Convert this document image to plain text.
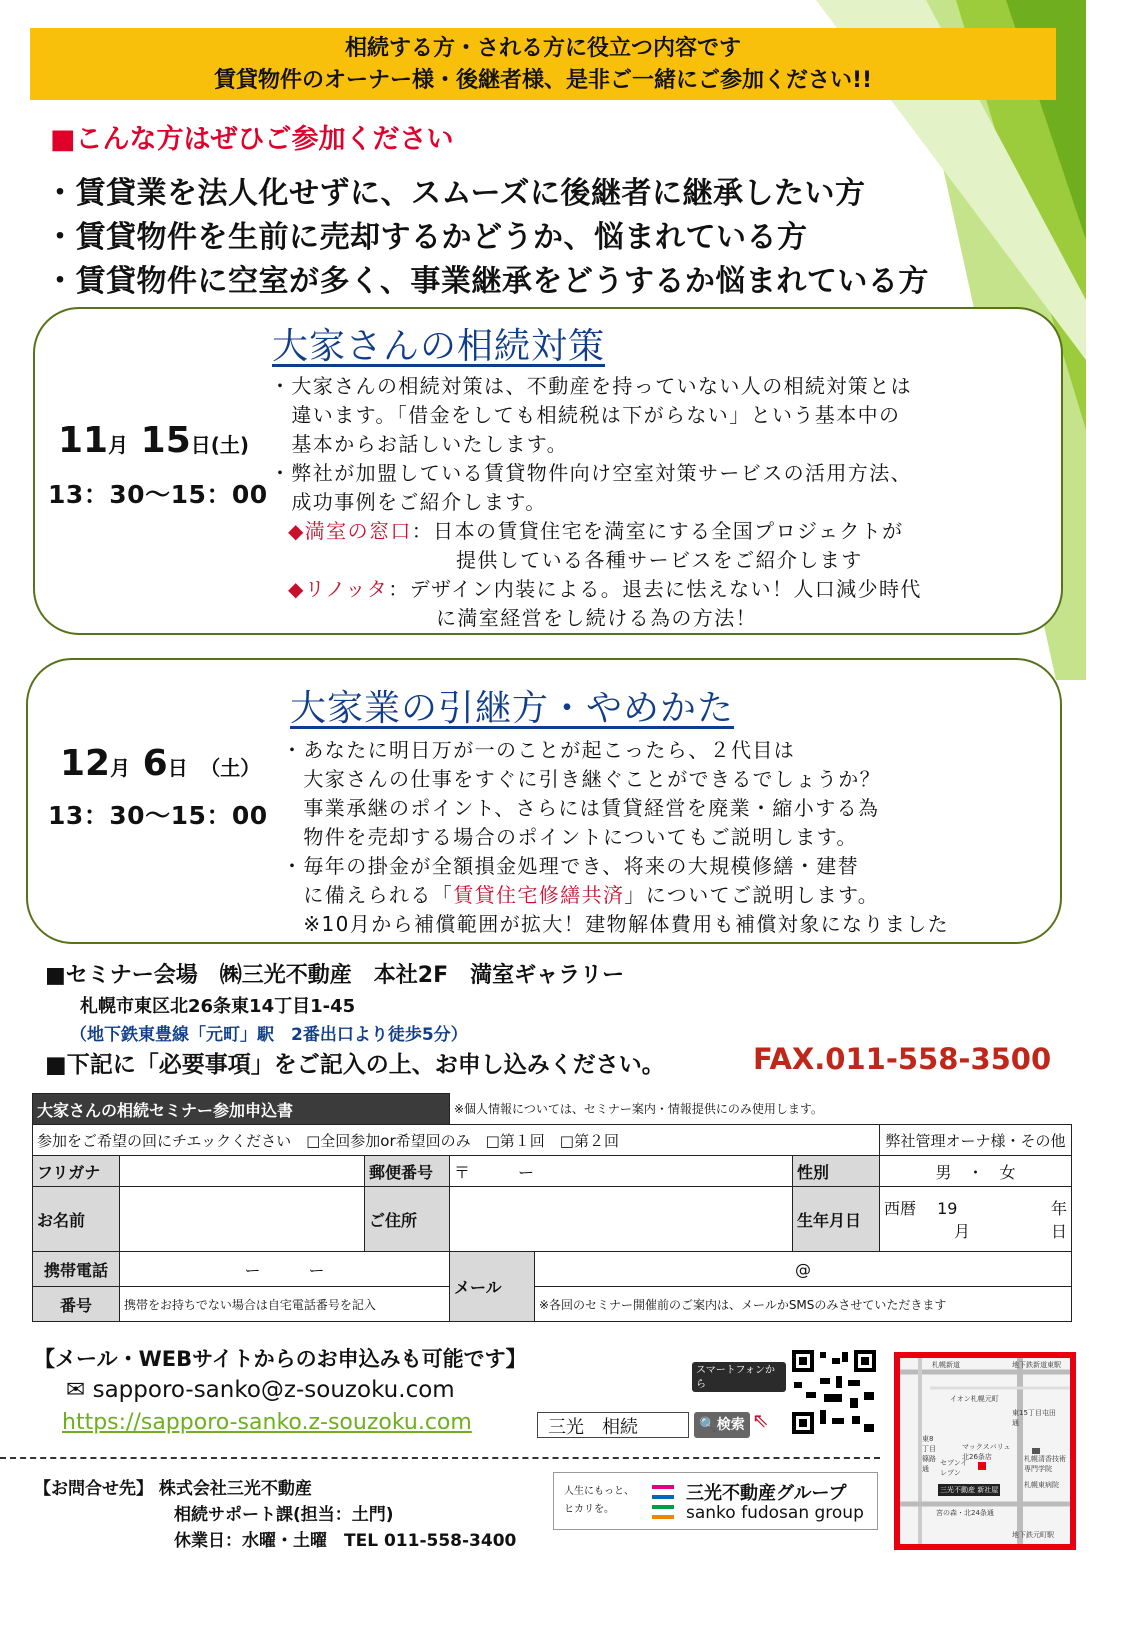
相続する方・される方に役立つ内容です
賃貸物件のオーナー様・後継者様、是非ご一緒にご参加ください!!
■こんな方はぜひご参加ください
・賃貸業を法人化せずに、スムーズに後継者に継承したい方
・賃貸物件を生前に売却するかどうか、悩まれている方
・賃貸物件に空室が多く、事業継承をどうするか悩まれている方
大家さんの相続対策
11月 15日(土)
13：30〜15：00
・大家さんの相続対策は、不動産を持っていない人の相続対策とは
　違います。「借金をしても相続税は下がらない」という基本中の
　基本からお話しいたします。
・弊社が加盟している賃貸物件向け空室対策サービスの活用方法、
　成功事例をご紹介します。
◆満室の窓口：日本の賃貸住宅を満室にする全国プロジェクトが
提供している各種サービスをご紹介します
◆リノッタ：デザイン内装による。退去に怯えない！人口減少時代
に満室経営をし続ける為の方法！
大家業の引継方・やめかた
12月 6日 （土）
13：30〜15：00
・あなたに明日万が一のことが起こったら、２代目は
　大家さんの仕事をすぐに引き継ぐことができるでしょうか？
　事業承継のポイント、さらには賃貸経営を廃業・縮小する為
　物件を売却する場合のポイントについてもご説明します。
・毎年の掛金が全額損金処理でき、将来の大規模修繕・建替
　に備えられる「賃貸住宅修繕共済」についてご説明します。
　※10月から補償範囲が拡大！建物解体費用も補償対象になりました
■セミナー会場　㈱三光不動産　本社2F　満室ギャラリー
札幌市東区北26条東14丁目1-45
（地下鉄東豊線「元町」駅　2番出口より徒歩5分）
■下記に「必要事項」をご記入の上、お申し込みください。	FAX.011-558-3500
大家さんの相続セミナー参加申込書			※個人情報については、セミナー案内・情報提供にのみ使用します。			
参加をご希望の回にチエックください　□全回参加or希望回のみ　□第１回　□第２回						弊社管理オーナ様・その他
フリガナ		郵便番号	〒　　　ー		性別	男　・　女
お名前		ご住所			生年月日	西暦　 19 年
月 日

携帯電話	ー　　　ー		メール	@		
番号	携帯をお持ちでない場合は自宅電話番号を記入			※各回のセミナー開催前のご案内は、メールかSMSのみさせていただきます		
【メール・WEBサイトからのお申込みも可能です】
✉ sapporo-sanko@z-souzoku.com
https://sapporo-sanko.z-souzoku.com	三光　相続	🔍検索 ⇖
スマートフォンから
簡単アクセス
札幌新道	地下鉄新道東駅
イオン札幌元町
東15丁目屯田通
東8丁目篠路通
マックスバリュ北26条店
セブンイレブン
札幌清香技術専門学院
三光不動産 新社屋
札幌東病院
宮の森・北24条通
地下鉄元町駅
【お問合せ先】 株式会社三光不動産
相続サポート課(担当：土門)
休業日：水曜・土曜　TEL 011-558-3400
人生にもっと、
ヒカリを。
三光不動産グループ
sanko fudosan group
